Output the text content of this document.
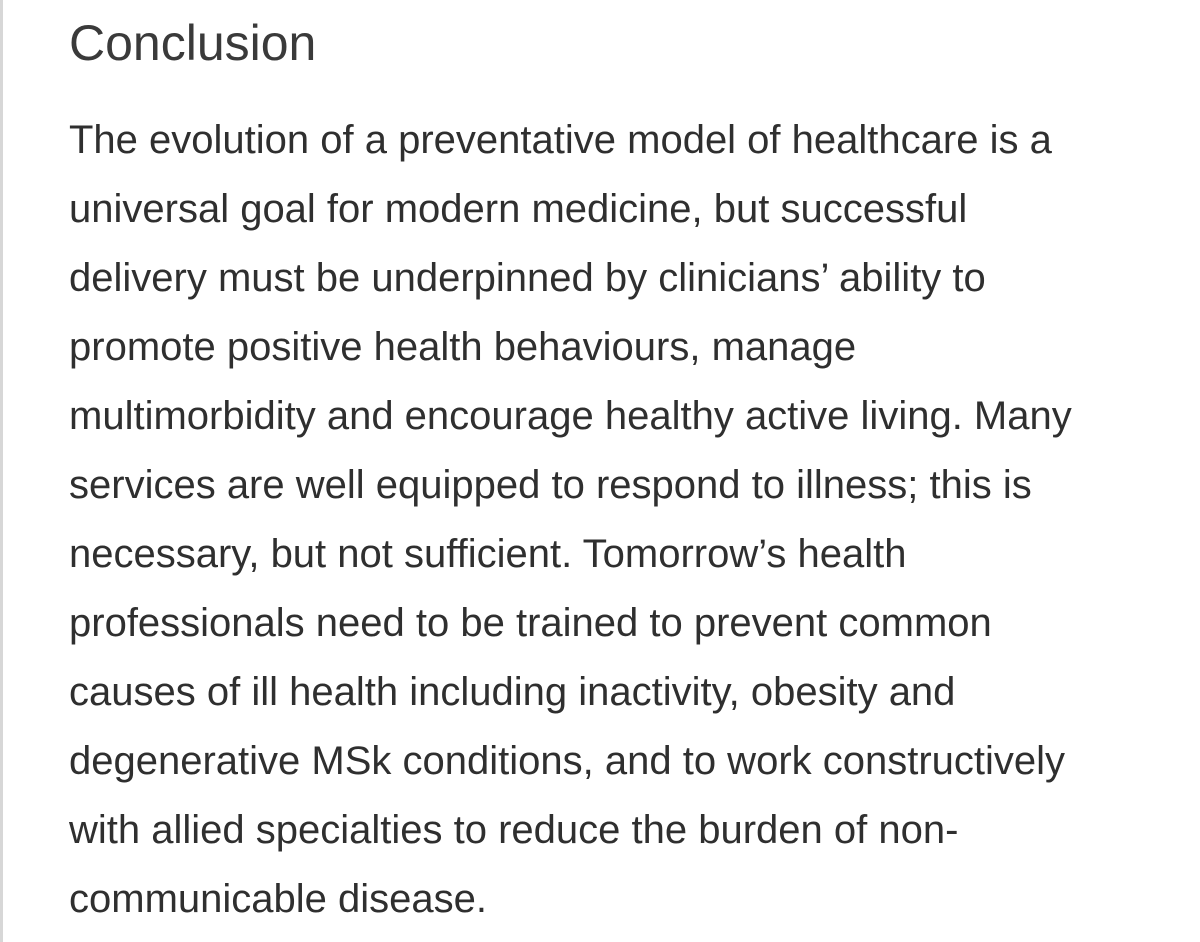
Conclusion

The evolution of a preventative model of healthcare is a
universal goal for modern medicine, but successful
delivery must be underpinned by clinicians’ ability to
promote positive health behaviours, manage
multimorbidity and encourage healthy active living. Many
services are well equipped to respond to illness; this is
necessary, but not sufficient. Tomorrow’s health
professionals need to be trained to prevent common
causes of ill health including inactivity, obesity and
degenerative MSk conditions, and to work constructively
with allied specialties to reduce the burden of non-
communicable disease.
